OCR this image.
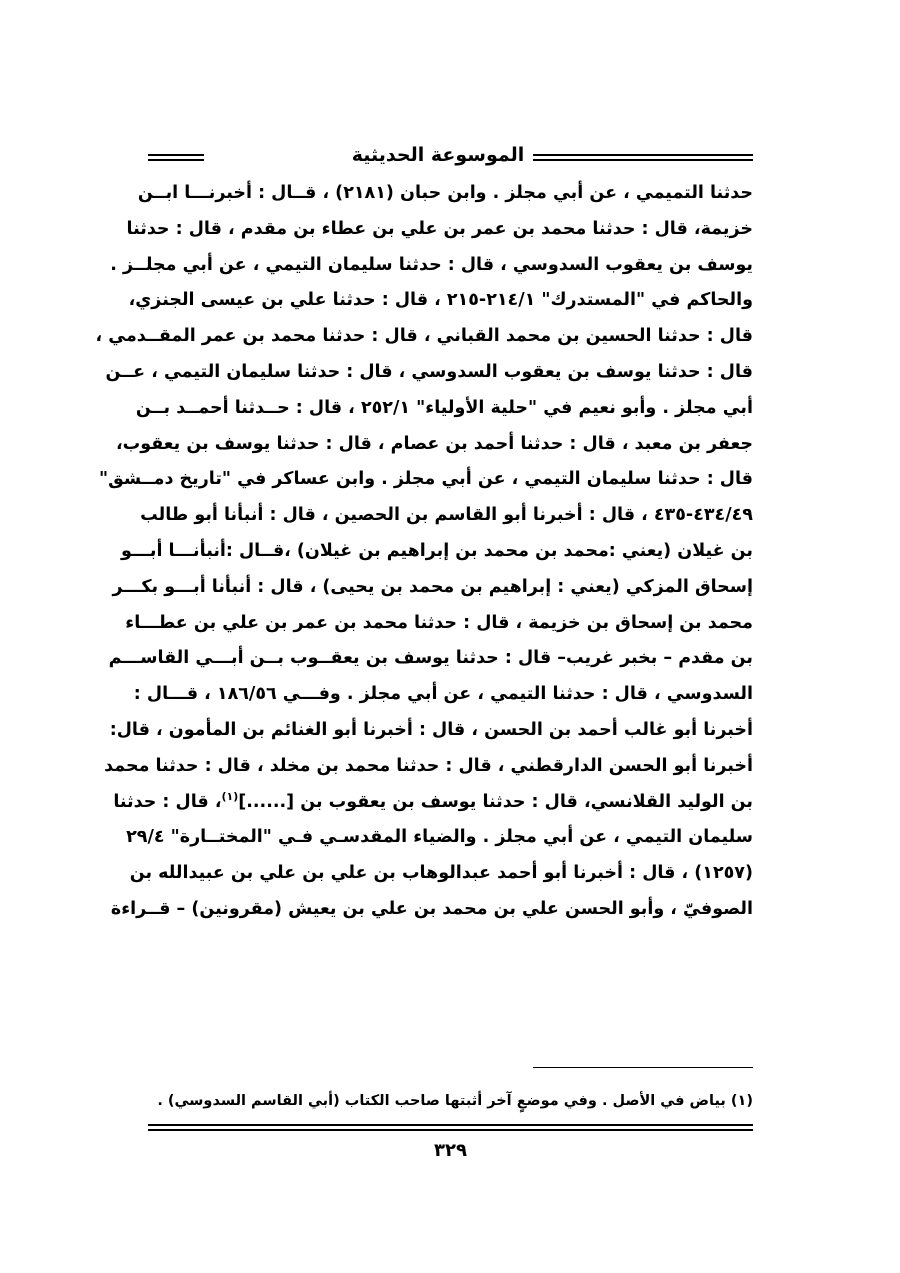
الموسوعة الحديثية
حدثنا التميمي ، عن أبي مجلز . وابن حبان (٢١٨١) ، قــال : أخبرنـــا ابــن
خزيمة، قال : حدثنا محمد بن عمر بن علي بن عطاء بن مقدم ، قال : حدثنا
يوسف بن يعقوب السدوسي ، قال : حدثنا سليمان التيمي ، عن أبي مجلــز .
والحاكم في "المستدرك" ٢١٤/١-٢١٥ ، قال : حدثنا علي بن عيسى الجنزي،
قال : حدثنا الحسين بن محمد القباني ، قال : حدثنا محمد بن عمر المقــدمي ،
قال : حدثنا يوسف بن يعقوب السدوسي ، قال : حدثنا سليمان التيمي ، عــن
أبي مجلز . وأبو نعيم في "حلية الأولياء" ٢٥٢/١ ، قال : حــدثنا أحمــد بــن
جعفر بن معبد ، قال : حدثنا أحمد بن عصام ، قال : حدثنا يوسف بن يعقوب،
قال : حدثنا سليمان التيمي ، عن أبي مجلز . وابن عساكر في "تاريخ دمــشق"
٤٣٤/٤٩-٤٣٥ ، قال : أخبرنا أبو القاسم بن الحصين ، قال : أنبأنا أبو طالب
بن غيلان (يعني :محمد بن محمد بن إبراهيم بن غيلان) ،قــال :أنبأنـــا أبـــو
إسحاق المزكي (يعني : إبراهيم بن محمد بن يحيى) ، قال : أنبأنا أبـــو بكـــر
محمد بن إسحاق بن خزيمة ، قال : حدثنا محمد بن عمر بن علي بن عطـــاء
بن مقدم – بخبر غريب– قال : حدثنا يوسف بن يعقــوب بــن أبـــي القاســـم
السدوسي ، قال : حدثنا التيمي ، عن أبي مجلز . وفـــي ١٨٦/٥٦ ، قـــال :
أخبرنا أبو غالب أحمد بن الحسن ، قال : أخبرنا أبو الغنائم بن المأمون ، قال:
أخبرنا أبو الحسن الدارقطني ، قال : حدثنا محمد بن مخلد ، قال : حدثنا محمد
بن الوليد القلانسي، قال : حدثنا يوسف بن يعقوب بن [......]$^{(١)}$، قال : حدثنا
سليمان التيمي ، عن أبي مجلز . والضياء المقدسـي فـي "المختــارة" ٢٩/٤
(١٢٥٧) ، قال : أخبرنا أبو أحمد عبدالوهاب بن علي بن علي بن عبيدالله بن
الصوفيّ ، وأبو الحسن علي بن محمد بن علي بن يعيش (مقرونين) – قــراءة
(١) بياض في الأصل . وفي موضعٍ آخر أثبتها صاحب الكتاب (أبي القاسم السدوسي) .
٣٢٩
